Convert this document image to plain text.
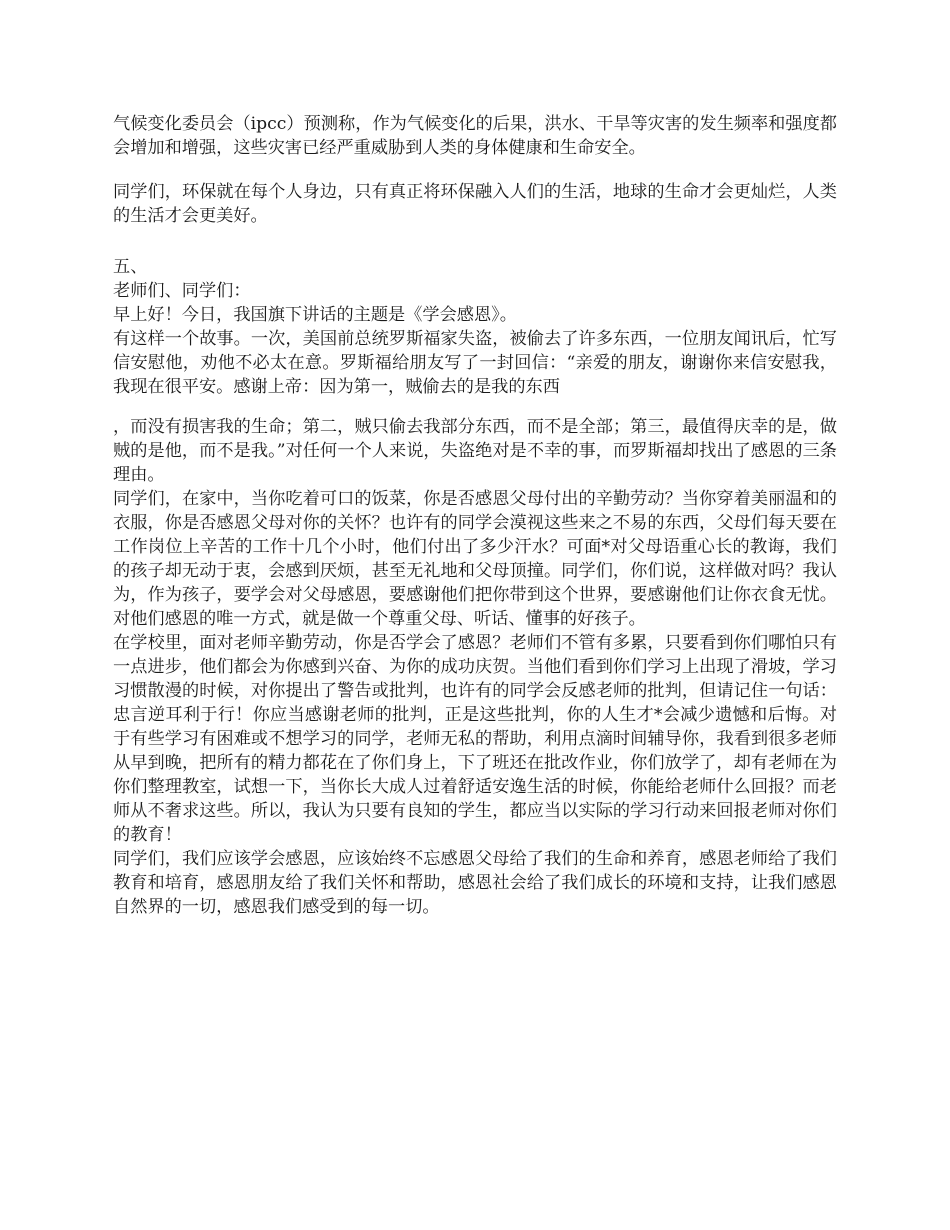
气候变化委员会（ipcc）预测称，作为气候变化的后果，洪水、干旱等灾害的发生频率和强度都会增加和增强，这些灾害已经严重威胁到人类的身体健康和生命安全。

同学们，环保就在每个人身边，只有真正将环保融入人们的生活，地球的生命才会更灿烂，人类的生活才会更美好。

五、

老师们、同学们：

早上好！今日，我国旗下讲话的主题是《学会感恩》。

有这样一个故事。一次，美国前总统罗斯福家失盗，被偷去了许多东西，一位朋友闻讯后，忙写信安慰他，劝他不必太在意。罗斯福给朋友写了一封回信：“亲爱的朋友，谢谢你来信安慰我，我现在很平安。感谢上帝：因为第一，贼偷去的是我的东西

，而没有损害我的生命；第二，贼只偷去我部分东西，而不是全部；第三，最值得庆幸的是，做贼的是他，而不是我。”对任何一个人来说，失盗绝对是不幸的事，而罗斯福却找出了感恩的三条理由。

同学们，在家中，当你吃着可口的饭菜，你是否感恩父母付出的辛勤劳动？当你穿着美丽温和的衣服，你是否感恩父母对你的关怀？也许有的同学会漠视这些来之不易的东西，父母们每天要在工作岗位上辛苦的工作十几个小时，他们付出了多少汗水？可面*对父母语重心长的教诲，我们的孩子却无动于衷，会感到厌烦，甚至无礼地和父母顶撞。同学们，你们说，这样做对吗？我认为，作为孩子，要学会对父母感恩，要感谢他们把你带到这个世界，要感谢他们让你衣食无忧。对他们感恩的唯一方式，就是做一个尊重父母、听话、懂事的好孩子。

在学校里，面对老师辛勤劳动，你是否学会了感恩？老师们不管有多累，只要看到你们哪怕只有一点进步，他们都会为你感到兴奋、为你的成功庆贺。当他们看到你们学习上出现了滑坡，学习习惯散漫的时候，对你提出了警告或批判，也许有的同学会反感老师的批判，但请记住一句话：忠言逆耳利于行！你应当感谢老师的批判，正是这些批判，你的人生才*会减少遗憾和后悔。对于有些学习有困难或不想学习的同学，老师无私的帮助，利用点滴时间辅导你，我看到很多老师从早到晚，把所有的精力都花在了你们身上，下了班还在批改作业，你们放学了，却有老师在为你们整理教室，试想一下，当你长大成人过着舒适安逸生活的时候，你能给老师什么回报？而老师从不奢求这些。所以，我认为只要有良知的学生，都应当以实际的学习行动来回报老师对你们的教育！

同学们，我们应该学会感恩，应该始终不忘感恩父母给了我们的生命和养育，感恩老师给了我们教育和培育，感恩朋友给了我们关怀和帮助，感恩社会给了我们成长的环境和支持，让我们感恩自然界的一切，感恩我们感受到的每一切。
